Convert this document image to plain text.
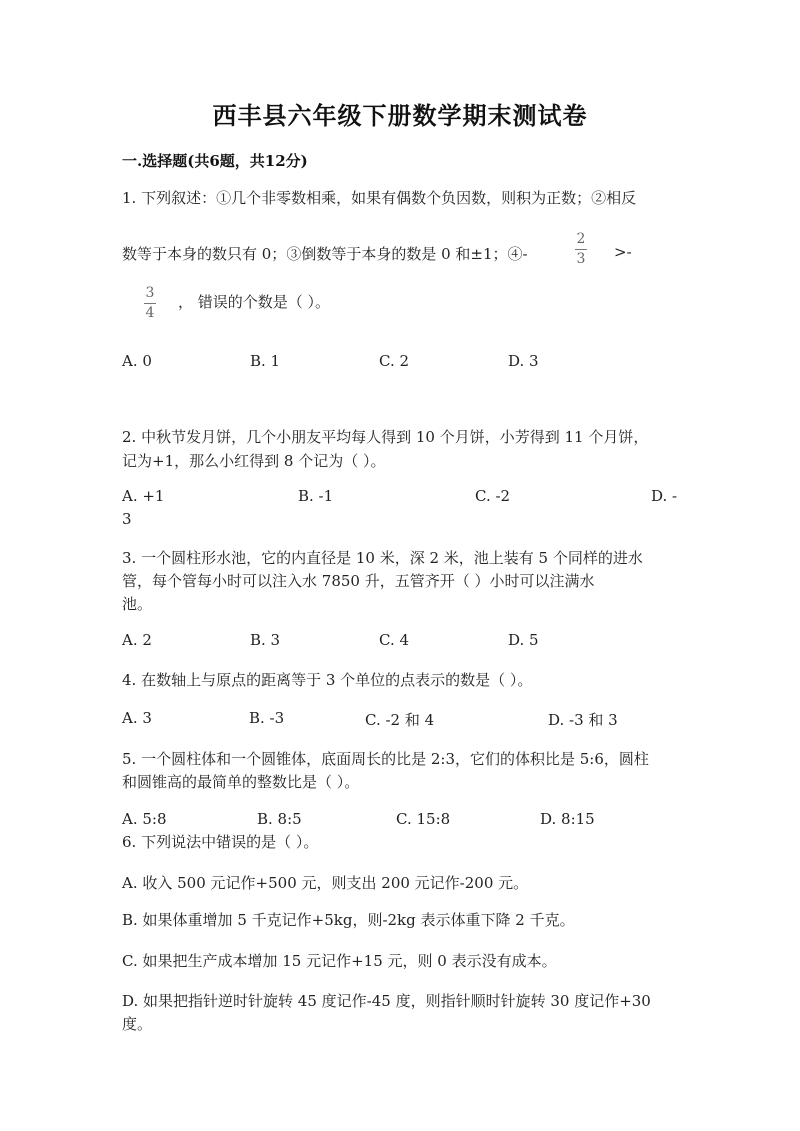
西丰县六年级下册数学期末测试卷
一.选择题(共6题，共12分)
1. 下列叙述：①几个非零数相乘，如果有偶数个负因数，则积为正数；②相反
数等于本身的数只有 0；③倒数等于本身的数是 0 和±1；④-
2
3 >-
3
4
， 错误的个数是（ ）。
A. 0	B. 1	C. 2	D. 3
2. 中秋节发月饼，几个小朋友平均每人得到 10 个月饼，小芳得到 11 个月饼，
记为+1，那么小红得到 8 个记为（ ）。
A. +1	B. -1	C. -2	D. -
3
3. 一个圆柱形水池，它的内直径是 10 米，深 2 米，池上装有 5 个同样的进水
管，每个管每小时可以注入水 7850 升，五管齐开（ ）小时可以注满水
池。
A. 2	B. 3	C. 4	D. 5
4. 在数轴上与原点的距离等于 3 个单位的点表示的数是（ ）。
A. 3	B. -3	C. -2 和 4	D. -3 和 3
5. 一个圆柱体和一个圆锥体，底面周长的比是 2:3，它们的体积比是 5:6，圆柱
和圆锥高的最简单的整数比是（ ）。
A. 5:8	B. 8:5	C. 15:8	D. 8:15
6. 下列说法中错误的是（ ）。
A. 收入 500 元记作+500 元，则支出 200 元记作-200 元。
B. 如果体重增加 5 千克记作+5kg，则-2kg 表示体重下降 2 千克。
C. 如果把生产成本增加 15 元记作+15 元，则 0 表示没有成本。
D. 如果把指针逆时针旋转 45 度记作-45 度，则指针顺时针旋转 30 度记作+30
度。
